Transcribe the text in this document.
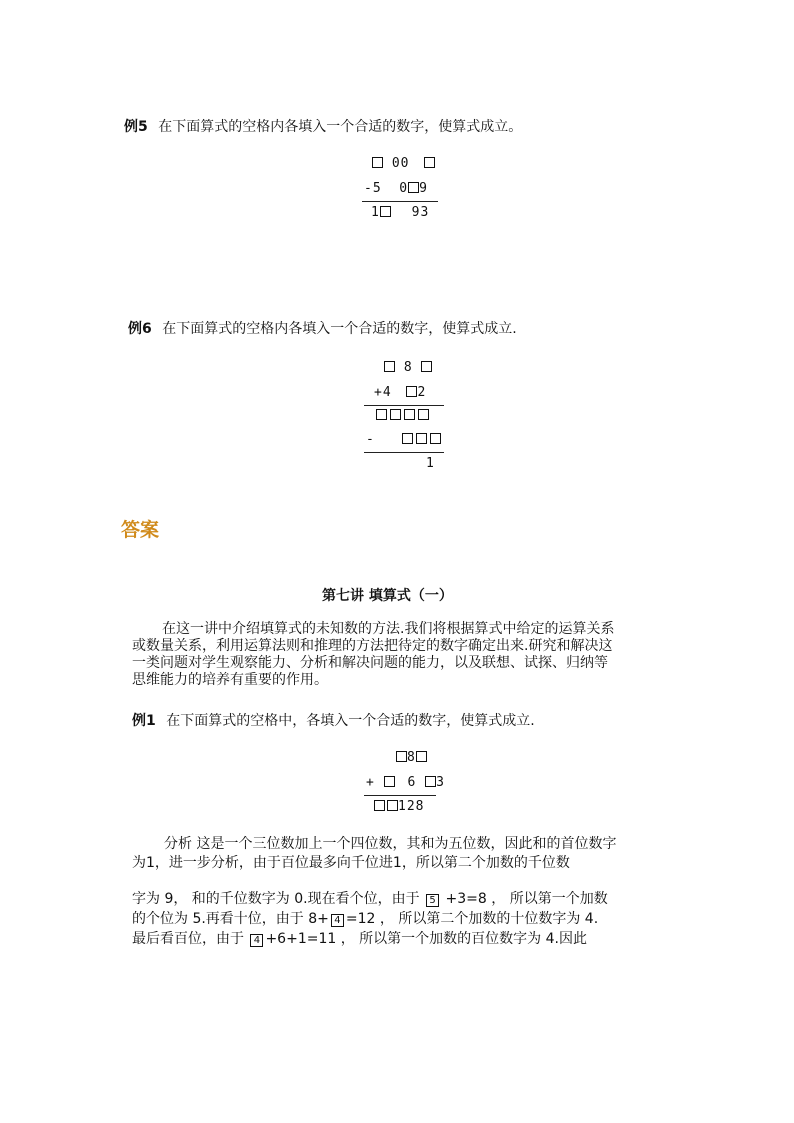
例5 在下面算式的空格内各填入一个合适的数字，使算式成立。
00
-5  0 9
1 93
例6 在下面算式的空格内各填入一个合适的数字，使算式成立.
8
+4 2
-
1
答案
第七讲 填算式（一）
在这一讲中介绍填算式的未知数的方法.我们将根据算式中给定的运算关系
或数量关系，利用运算法则和推理的方法把待定的数字确定出来.研究和解决这
一类问题对学生观察能力、分析和解决问题的能力，以及联想、试探、归纳等
思维能力的培养有重要的作用。
例1 在下面算式的空格中，各填入一个合适的数字，使算式成立.
8
+	6 3
128
分析 这是一个三位数加上一个四位数，其和为五位数，因此和的首位数字
为1，进一步分析，由于百位最多向千位进1，所以第二个加数的千位数
字为 9， 和的千位数字为 0.现在看个位，由于 5 +3=8 ， 所以第一个加数
的个位为 5.再看十位，由于 8+ 4 =12 ， 所以第二个加数的十位数字为 4.
最后看百位，由于 4 +6+1=11 ， 所以第一个加数的百位数字为 4.因此
